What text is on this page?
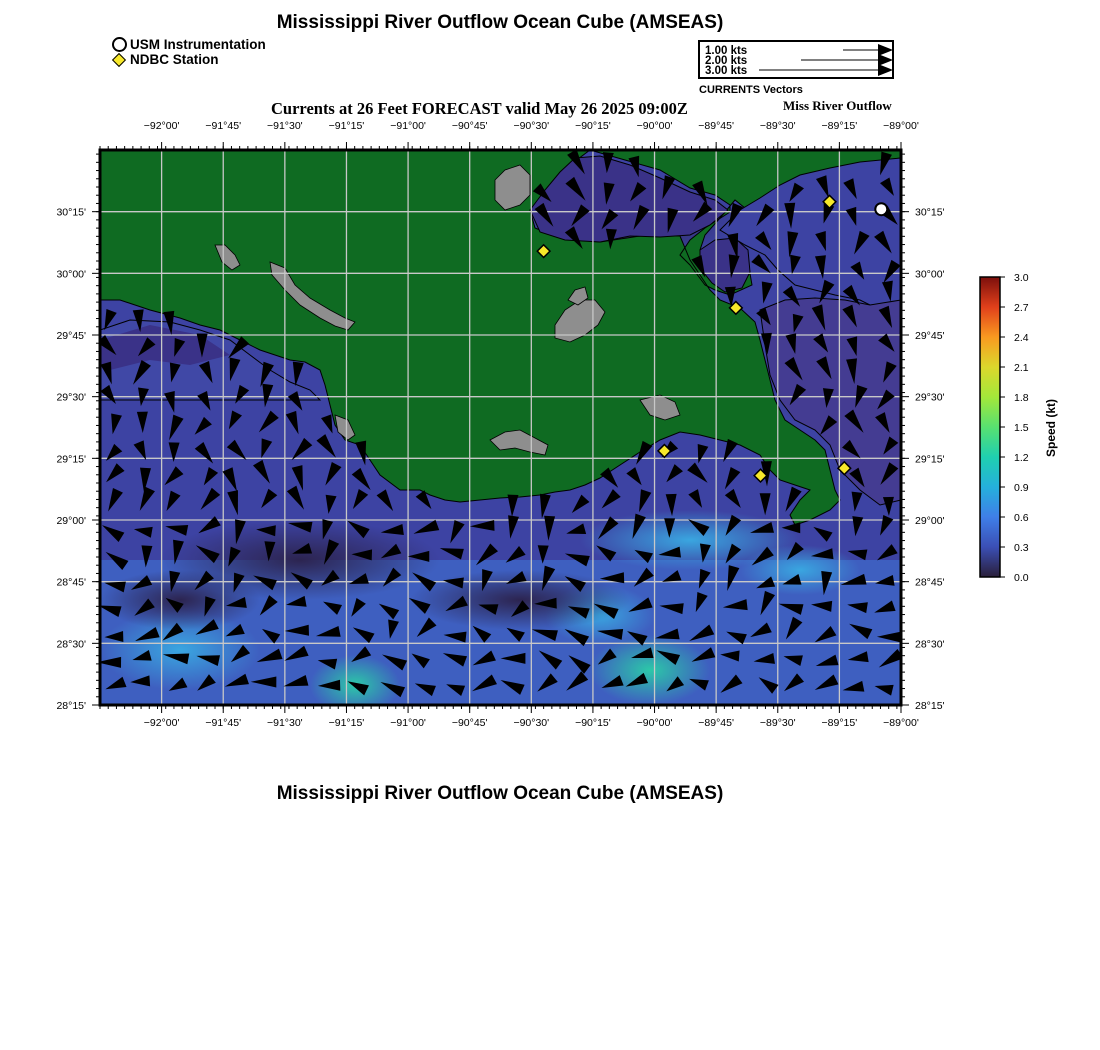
−92°00'
−92°00'
−91°45'
−91°45'
−91°30'
−91°30'
−91°15'
−91°15'
−91°00'
−91°00'
−90°45'
−90°45'
−90°30'
−90°30'
−90°15'
−90°15'
−90°00'
−90°00'
−89°45'
−89°45'
−89°30'
−89°30'
−89°15'
−89°15'
−89°00'
−89°00'
30°15'	30°15'
30°00'	30°00'
29°45'	29°45'
29°30'	29°30'
29°15'	29°15'
29°00'	29°00'
28°45'	28°45'
28°30'	28°30'
28°15'	28°15'
3.0
2.7
2.4
2.1
1.8
1.5
1.2
0.9
0.6
0.3
0.0
Speed (kt)
Mississippi River Outflow Ocean Cube (AMSEAS)
USM Instrumentation
NDBC Station
1.00 kts
2.00 kts
3.00 kts
CURRENTS Vectors
Currents at 26 Feet FORECAST valid May 26 2025 09:00Z	Miss River Outflow
Mississippi River Outflow Ocean Cube (AMSEAS)
